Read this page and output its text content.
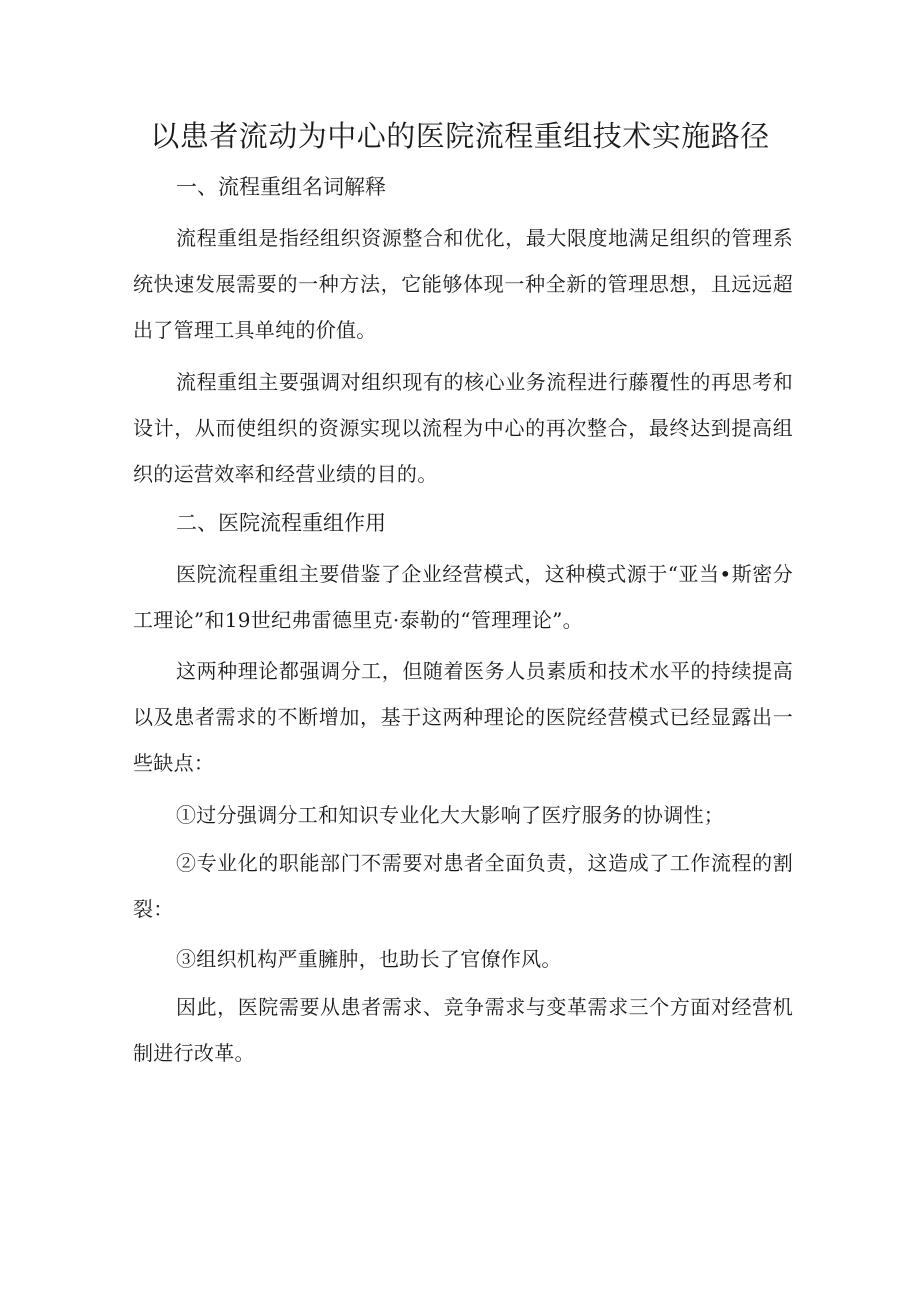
以患者流动为中心的医院流程重组技术实施路径
一、流程重组名词解释
流程重组是指经组织资源整合和优化，最大限度地满足组织的管理系统快速发展需要的一种方法，它能够体现一种全新的管理思想，且远远超出了管理工具单纯的价值。
流程重组主要强调对组织现有的核心业务流程进行藤覆性的再思考和设计，从而使组织的资源实现以流程为中心的再次整合，最终达到提高组织的运营效率和经营业绩的目的。
二、医院流程重组作用
医院流程重组主要借鉴了企业经营模式，这种模式源于“亚当•斯密分工理论”和19世纪弗雷德里克·泰勒的“管理理论”。
这两种理论都强调分工，但随着医务人员素质和技术水平的持续提高以及患者需求的不断增加，基于这两种理论的医院经营模式已经显露出一些缺点：
①过分强调分工和知识专业化大大影响了医疗服务的协调性；
②专业化的职能部门不需要对患者全面负责，这造成了工作流程的割裂：
③组织机构严重臃肿，也助长了官僚作风。
因此，医院需要从患者需求、竞争需求与变革需求三个方面对经营机制进行改革。
